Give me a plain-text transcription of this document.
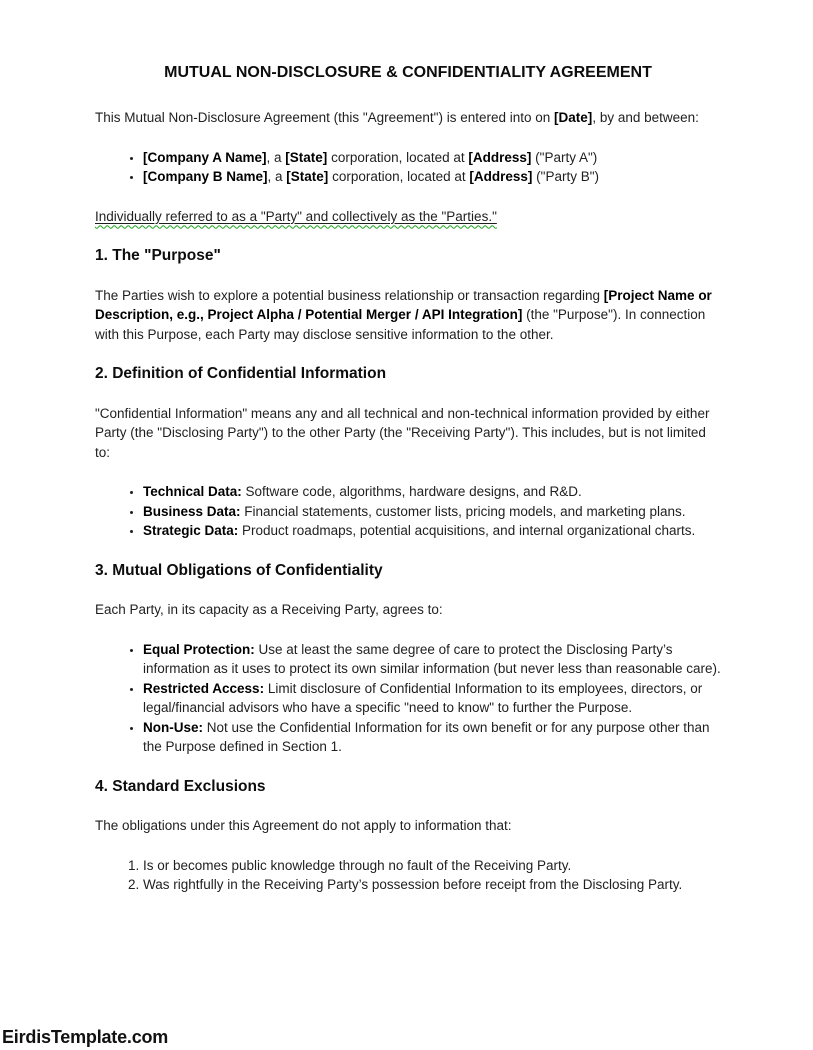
MUTUAL NON-DISCLOSURE & CONFIDENTIALITY AGREEMENT

This Mutual Non-Disclosure Agreement (this "Agreement") is entered into on [Date], by and between:

• [Company A Name], a [State] corporation, located at [Address] ("Party A")
• [Company B Name], a [State] corporation, located at [Address] ("Party B")

Individually referred to as a "Party" and collectively as the "Parties."

1. The "Purpose"

The Parties wish to explore a potential business relationship or transaction regarding [Project Name or Description, e.g., Project Alpha / Potential Merger / API Integration] (the "Purpose"). In connection with this Purpose, each Party may disclose sensitive information to the other.

2. Definition of Confidential Information

"Confidential Information" means any and all technical and non-technical information provided by either Party (the "Disclosing Party") to the other Party (the "Receiving Party"). This includes, but is not limited to:

• Technical Data: Software code, algorithms, hardware designs, and R&D.
• Business Data: Financial statements, customer lists, pricing models, and marketing plans.
• Strategic Data: Product roadmaps, potential acquisitions, and internal organizational charts.
3. Mutual Obligations of Confidentiality

Each Party, in its capacity as a Receiving Party, agrees to:

• Equal Protection: Use at least the same degree of care to protect the Disclosing Party’s information as it uses to protect its own similar information (but never less than reasonable care).
• Restricted Access: Limit disclosure of Confidential Information to its employees, directors, or legal/financial advisors who have a specific "need to know" to further the Purpose.
• Non-Use: Not use the Confidential Information for its own benefit or for any purpose other than the Purpose defined in Section 1.
4. Standard Exclusions

The obligations under this Agreement do not apply to information that:

1. Is or becomes public knowledge through no fault of the Receiving Party.
2. Was rightfully in the Receiving Party’s possession before receipt from the Disclosing Party.
EirdisTemplate.com
